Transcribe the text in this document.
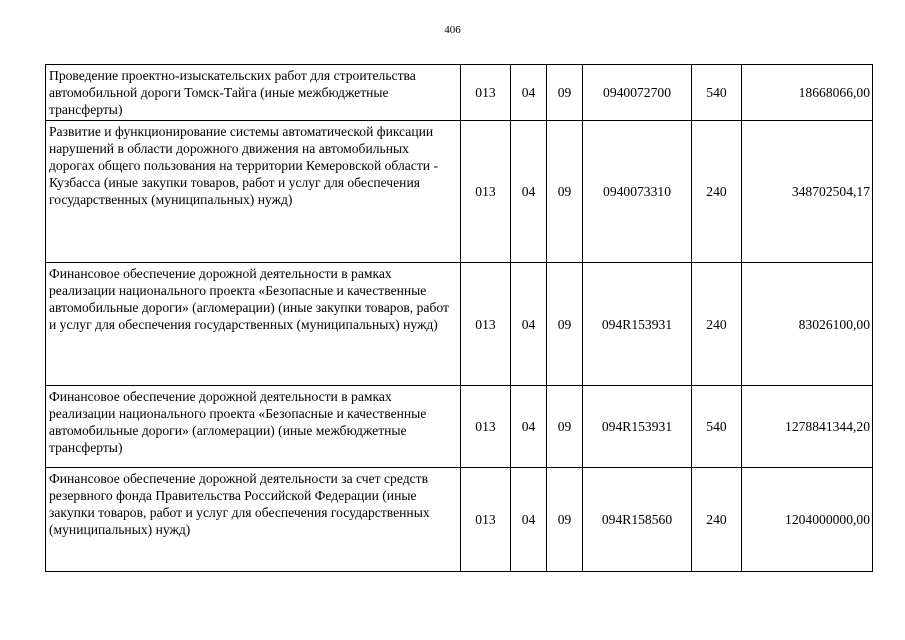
406
Проведение проектно-изыскательских работ для строительства автомобильной дороги Томск-Тайга (иные межбюджетные трансферты)	013	04	09	0940072700	540	18668066,00
Развитие и функционирование системы автоматической фиксации нарушений в области дорожного движения на автомобильных дорогах общего пользования на территории Кемеровской области - Кузбасса (иные закупки товаров, работ и услуг для обеспечения государственных (муниципальных) нужд)	013	04	09	0940073310	240	348702504,17
Финансовое обеспечение дорожной деятельности в рамках реализации национального проекта «Безопасные и качественные автомобильные дороги» (агломерации) (иные закупки товаров, работ и услуг для обеспечения государственных (муниципальных) нужд)	013	04	09	094R153931	240	83026100,00
Финансовое обеспечение дорожной деятельности в рамках реализации национального проекта «Безопасные и качественные автомобильные дороги» (агломерации) (иные межбюджетные трансферты)	013	04	09	094R153931	540	1278841344,20
Финансовое обеспечение дорожной деятельности за счет средств резервного фонда Правительства Российской Федерации (иные закупки товаров, работ и услуг для обеспечения государственных (муниципальных) нужд)	013	04	09	094R158560	240	1204000000,00
